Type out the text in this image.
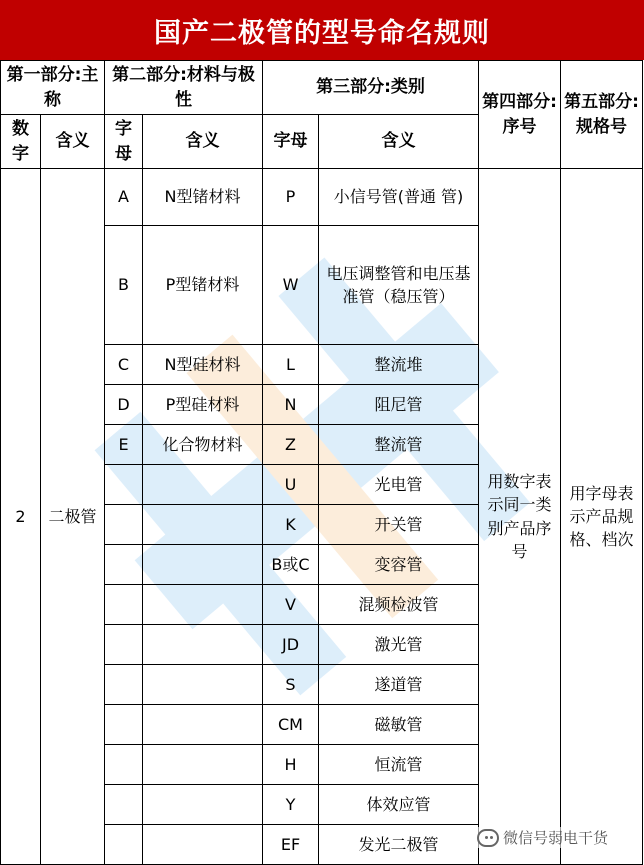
国产二极管的型号命名规则
第一部分:主称		第二部分:材料与极性		第三部分:类别		第四部分:序号	第五部分:规格号
数字	含义	字母	含义	字母	含义		
2	二极管	A	N型锗材料	P	小信号管(普通 管)	用数字表示同一类别产品序号	用字母表示产品规格、档次
		B	P型锗材料	W	电压调整管和电压基准管（稳压管）		
		C	N型硅材料	L	整流堆		
		D	P型硅材料	N	阻尼管		
		E	化合物材料	Z	整流管		
				U	光电管		
				K	开关管		
				B或C	变容管		
				V	混频检波管		
				JD	激光管		
				S	遂道管		
				CM	磁敏管		
				H	恒流管		
				Y	体效应管		
				EF	发光二极管			微信号弱电干货
